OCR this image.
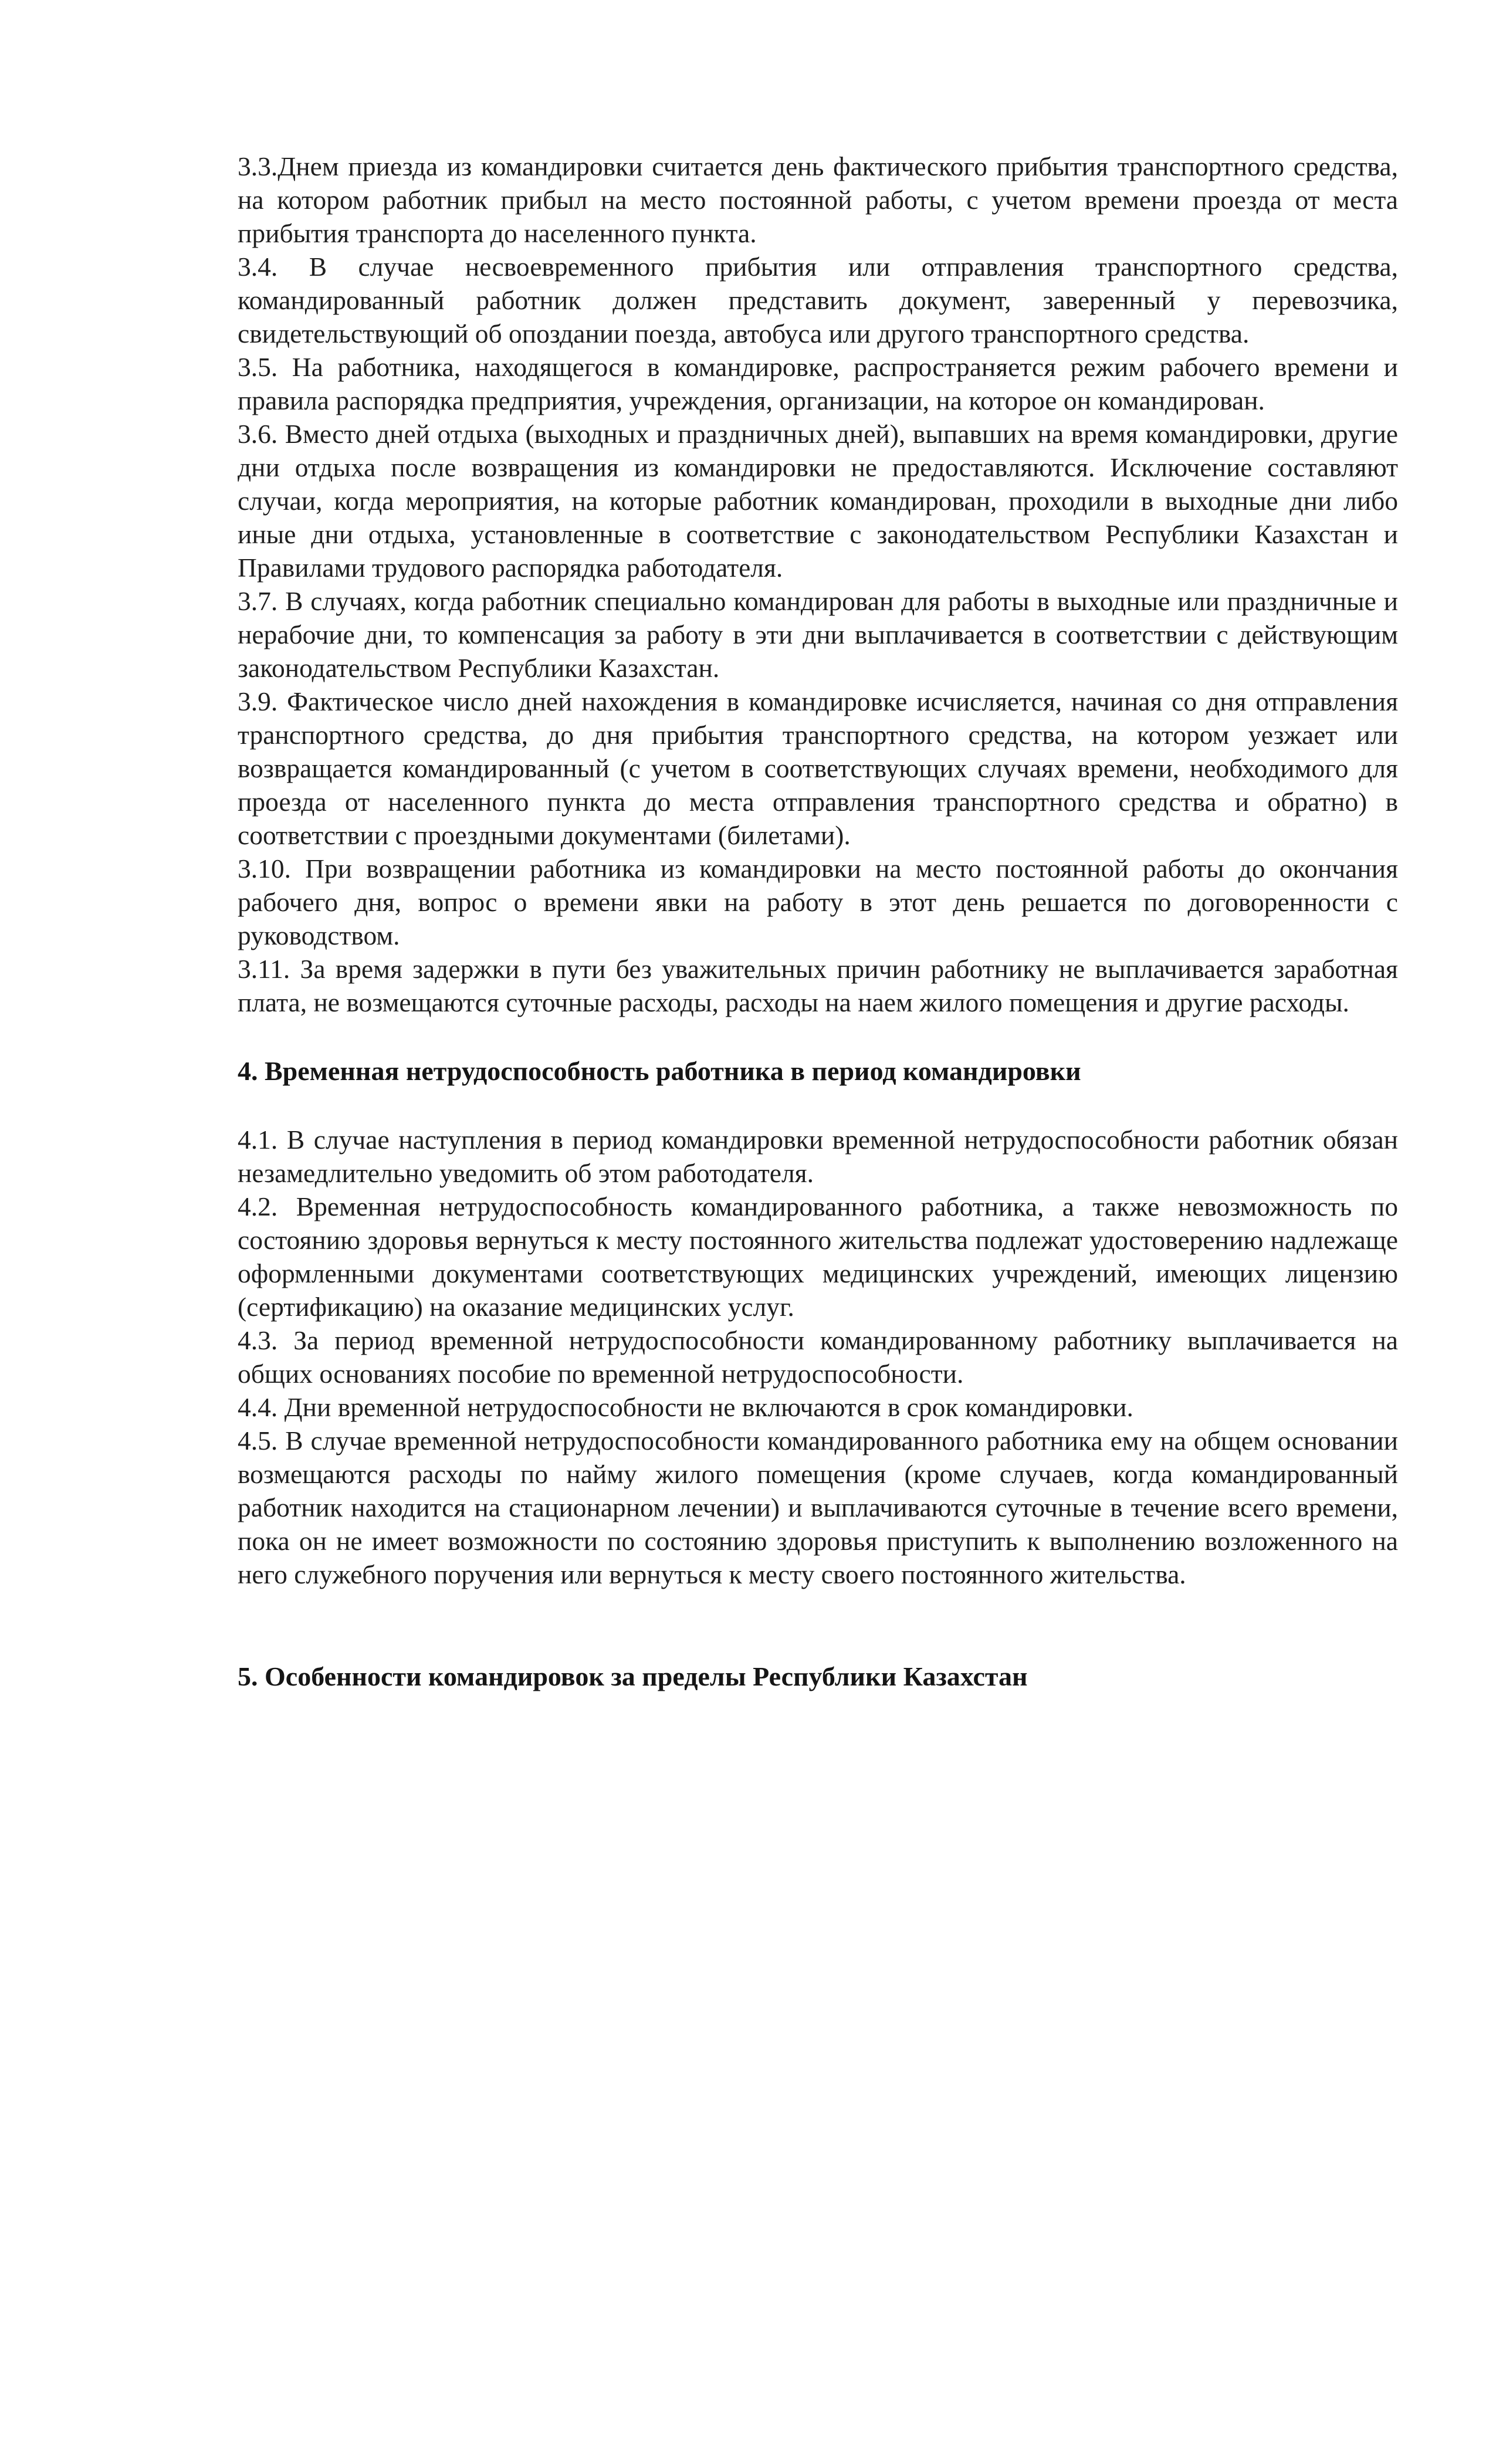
3.3.Днем приезда из командировки считается день фактического прибытия транспортного средства, на котором работник прибыл на место постоянной работы, с учетом времени проезда от места прибытия транспорта до населенного пункта.

3.4. В случае несвоевременного прибытия или отправления транспортного средства, командированный работник должен представить документ, заверенный у перевозчика, свидетельствующий об опоздании поезда, автобуса или другого транспортного средства.

3.5. На работника, находящегося в командировке, распространяется режим рабочего времени и правила распорядка предприятия, учреждения, организации, на которое он командирован.

3.6. Вместо дней отдыха (выходных и праздничных дней), выпавших на время командировки, другие дни отдыха после возвращения из командировки не предоставляются. Исключение составляют случаи, когда мероприятия, на которые работник командирован, проходили в выходные дни либо иные дни отдыха, установленные в соответствие с законодательством Республики Казахстан и Правилами трудового распорядка работодателя.

3.7. В случаях, когда работник специально командирован для работы в выходные или праздничные и нерабочие дни, то компенсация за работу в эти дни выплачивается в соответствии с действующим законодательством Республики Казахстан.

3.9. Фактическое число дней нахождения в командировке исчисляется, начиная со дня отправления транспортного средства, до дня прибытия транспортного средства, на котором уезжает или возвращается командированный (с учетом в соответствующих случаях времени, необходимого для проезда от населенного пункта до места отправления транспортного средства и обратно) в соответствии с проездными документами (билетами).

3.10. При возвращении работника из командировки на место постоянной работы до окончания рабочего дня, вопрос о времени явки на работу в этот день решается по договоренности с руководством.

3.11. За время задержки в пути без уважительных причин работнику не выплачивается заработная плата, не возмещаются суточные расходы, расходы на наем жилого помещения и другие расходы.

4. Временная нетрудоспособность работника в период командировки

4.1. В случае наступления в период командировки временной нетрудоспособности работник обязан незамедлительно уведомить об этом работодателя.

4.2. Временная нетрудоспособность командированного работника, а также невозможность по состоянию здоровья вернуться к месту постоянного жительства подлежат удостоверению надлежаще оформленными документами соответствующих медицинских учреждений, имеющих лицензию (сертификацию) на оказание медицинских услуг.

4.3. За период временной нетрудоспособности командированному работнику выплачивается на общих основаниях пособие по временной нетрудоспособности.

4.4. Дни временной нетрудоспособности не включаются в срок командировки.

4.5. В случае временной нетрудоспособности командированного работника ему на общем основании возмещаются расходы по найму жилого помещения (кроме случаев, когда командированный работник находится на стационарном лечении) и выплачиваются суточные в течение всего времени, пока он не имеет возможности по состоянию здоровья приступить к выполнению возложенного на него служебного поручения или вернуться к месту своего постоянного жительства.

5. Особенности командировок за пределы Республики Казахстан
